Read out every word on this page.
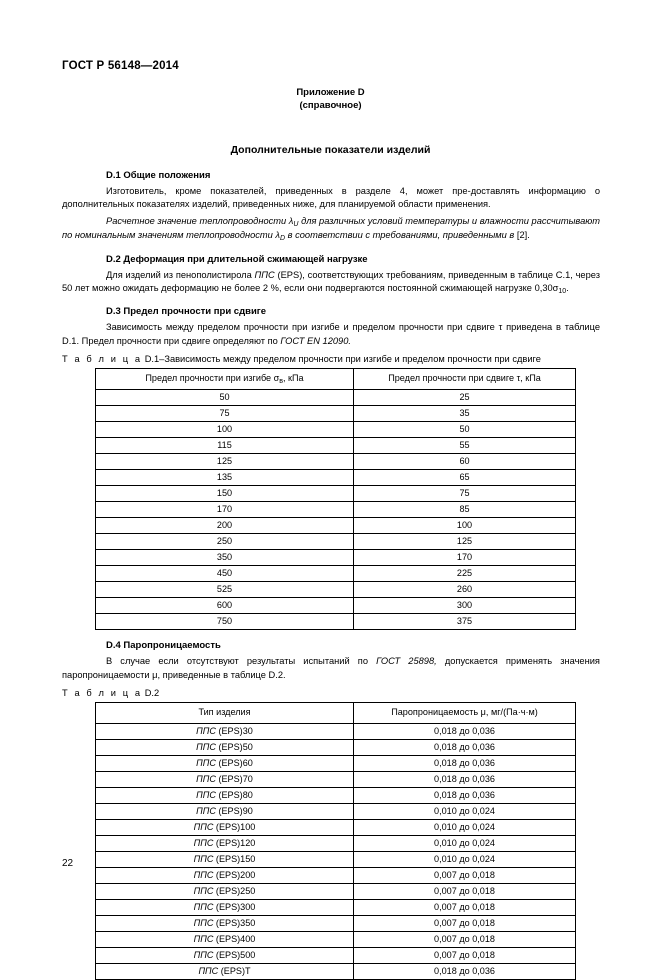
ГОСТ Р 56148—2014
Приложение D
(справочное)
Дополнительные показатели изделий
D.1 Общие положения

Изготовитель, кроме показателей, приведенных в разделе 4, может пре-доставлять информацию о дополнительных показателях изделий, приведенных ниже, для планируемой области применения.

Расчетное значение теплопроводности $\lambda_U$ для различных условий температуры и влажности рассчитывают по номинальным значениям теплопроводности $\lambda_D$ в соответствии с требованиями, приведенными в [2].

D.2 Деформация при длительной сжимающей нагрузке

Для изделий из пенополистирола ППС (EPS), соответствующих требованиям, приведенным в таблице C.1, через 50 лет можно ожидать деформацию не более 2 %, если они подвергаются постоянной сжимающей нагрузке $0,30\sigma_{10}$.

D.3 Предел прочности при сдвиге

Зависимость между пределом прочности при изгибе и пределом прочности при сдвиге τ приведена в таблице D.1. Предел прочности при сдвиге определяют по ГОСТ EN 12090.

Т а б л и ц а D.1–Зависимость между пределом прочности при изгибе и пределом прочности при сдвиге
Предел прочности при изгибе $\sigma_в$, кПа	Предел прочности при сдвиге τ, кПа
50	25
75	35
100	50
115	55
125	60
135	65
150	75
170	85
200	100
250	125
350	170
450	225
525	260
600	300
750	375
D.4 Паропроницаемость

В случае если отсутствуют результаты испытаний по ГОСТ 25898, допускается применять значения паропроницаемости μ, приведенные в таблице D.2.

Т а б л и ц а D.2
Тип изделия	Паропроницаемость μ, мг/(Па·ч·м)
ППС (EPS)30	0,018 до 0,036
ППС (EPS)50	0,018 до 0,036
ППС (EPS)60	0,018 до 0,036
ППС (EPS)70	0,018 до 0,036
ППС (EPS)80	0,018 до 0,036
ППС (EPS)90	0,010 до 0,024
ППС (EPS)100	0,010 до 0,024
ППС (EPS)120	0,010 до 0,024
ППС (EPS)150	0,010 до 0,024
ППС (EPS)200	0,007 до 0,018
ППС (EPS)250	0,007 до 0,018
ППС (EPS)300	0,007 до 0,018
ППС (EPS)350	0,007 до 0,018
ППС (EPS)400	0,007 до 0,018
ППС (EPS)500	0,007 до 0,018
ППС (EPS)T	0,018 до 0,036
22
